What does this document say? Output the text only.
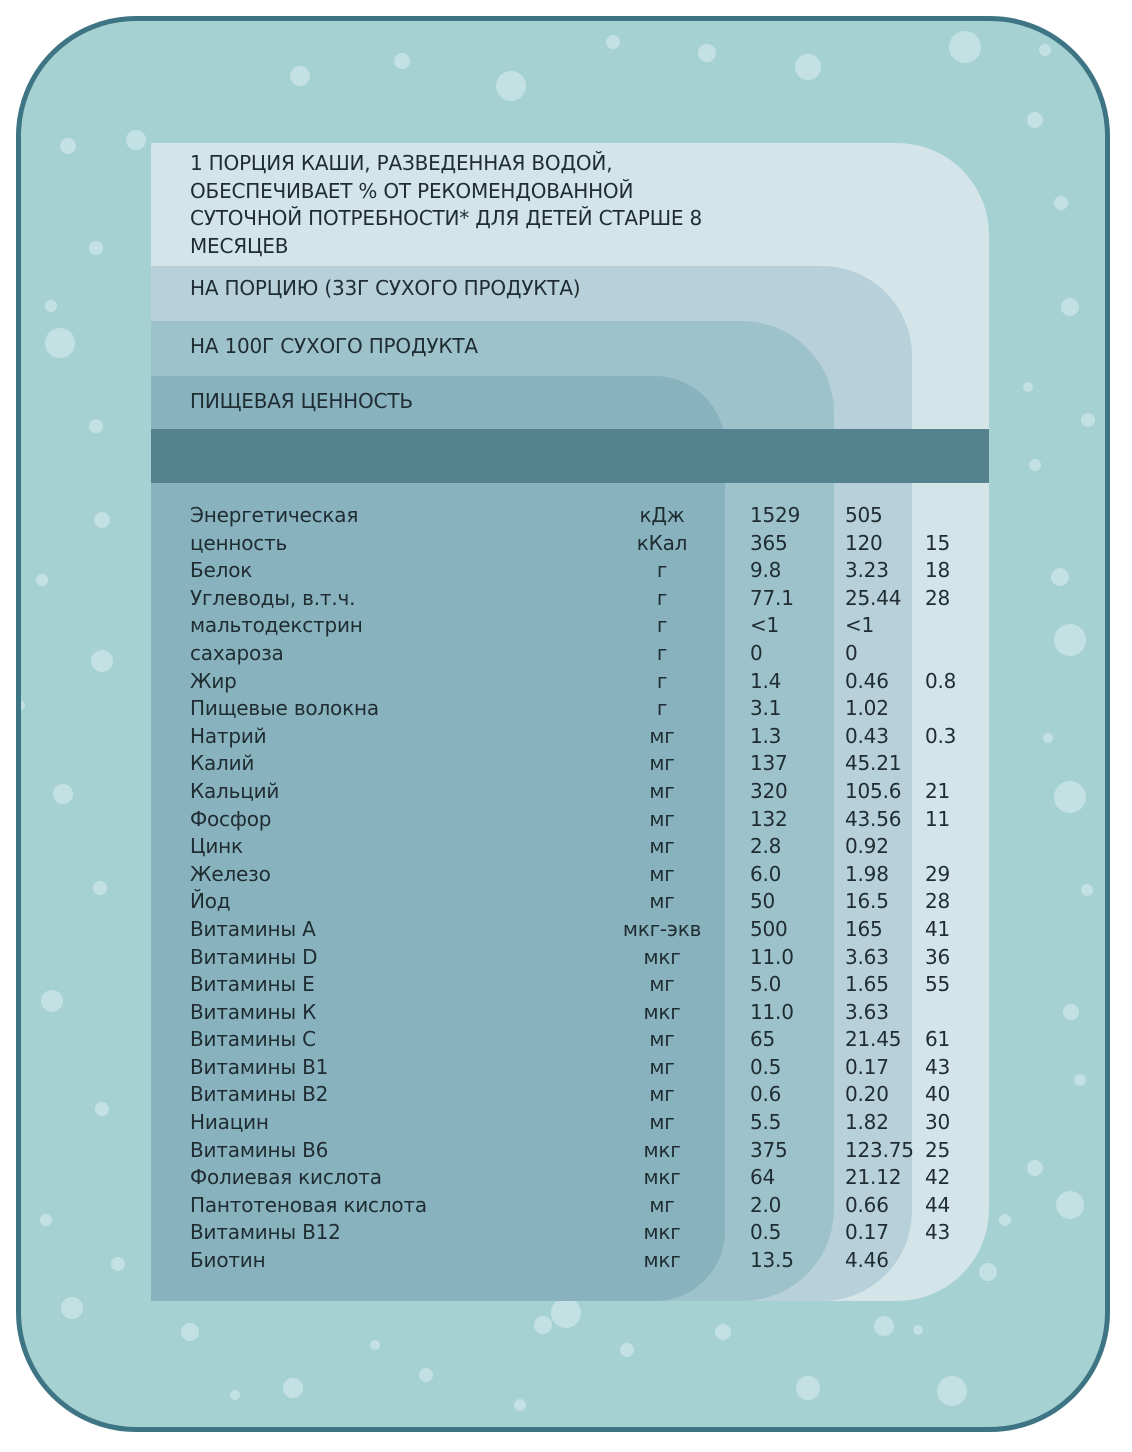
1 ПОРЦИЯ КАШИ, РАЗВЕДЕННАЯ ВОДОЙ, ОБЕСПЕЧИВАЕТ % ОТ РЕКОМЕНДОВАННОЙ СУТОЧНОЙ ПОТРЕБНОСТИ* ДЛЯ ДЕТЕЙ СТАРШЕ 8 МЕСЯЦЕВ

НА ПОРЦИЮ (33Г СУХОГО ПРОДУКТА)

НА 100Г СУХОГО ПРОДУКТА

ПИЩЕВАЯ ЦЕННОСТЬ

Энергетическая	кДж	1529 505
ценность	кКал	365	120 15
Белок	г	9.8	3.23 18
Углеводы, в.т.ч.	г	77.1	25.44 28
мальтодекстрин	г	<1	<1
сахароза	г	0	0
Жир	г	1.4	0.46 0.8
Пищевые волокна	г	3.1	1.02
Натрий	мг	1.3	0.43 0.3
Калий	мг	137	45.21
Кальций	мг	320	105.6 21
Фосфор	мг	132	43.56 11
Цинк	мг	2.8	0.92
Железо	мг	6.0	1.98 29
Йод	мг	50	16.5 28
Витамины А	мкг-экв 500	165 41
Витамины D	мкг	11.0	3.63 36
Витамины Е	мг	5.0	1.65 55
Витамины К	мкг	11.0	3.63
Витамины С	мг	65	21.45 61
Витамины В1	мг	0.5	0.17 43
Витамины В2	мг	0.6	0.20 40
Ниацин	мг	5.5	1.82 30
Витамины В6	мкг	375	123.75 25
Фолиевая кислота	мкг	64	21.12 42
Пантотеновая кислота	мг	2.0	0.66 44
Витамины В12	мкг	0.5	0.17 43
Биотин	мкг	13.5	4.46
